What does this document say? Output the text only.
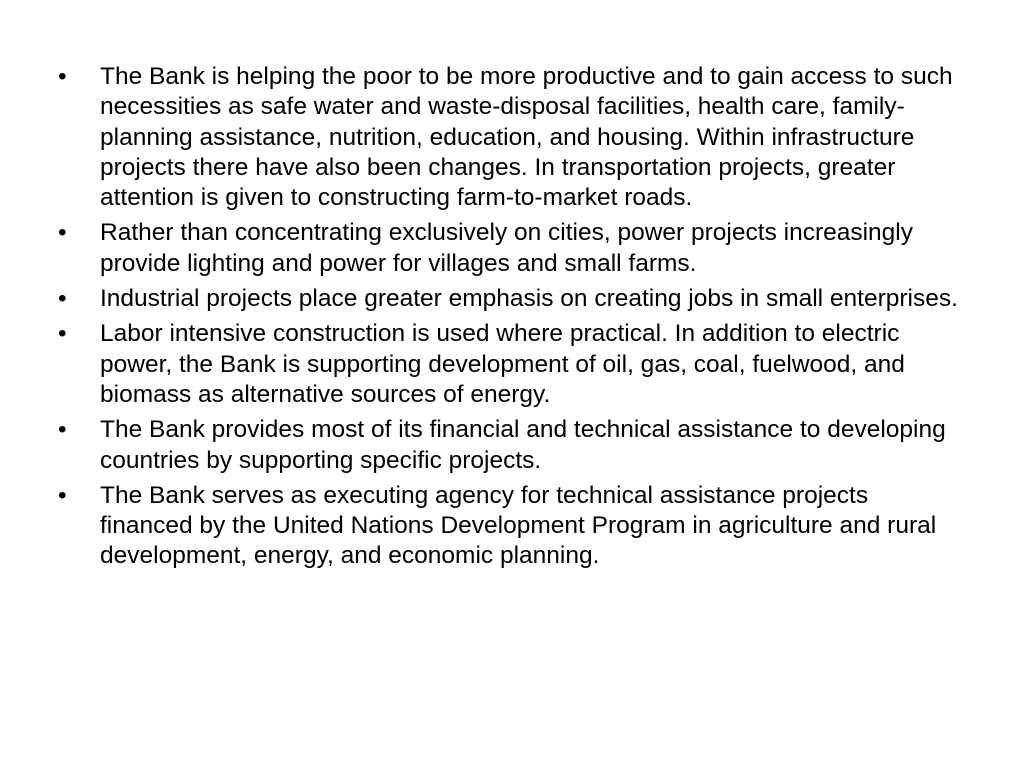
•	The Bank is helping the poor to be more productive and to gain access to such necessities as safe water and waste-disposal facilities, health care, family-planning assistance, nutrition, education, and housing. Within infrastructure projects there have also been changes. In transportation projects, greater attention is given to constructing farm-to-market roads.
•	Rather than concentrating exclusively on cities, power projects increasingly provide lighting and power for villages and small farms.
•	Industrial projects place greater emphasis on creating jobs in small enterprises.
•	Labor intensive construction is used where practical. In addition to electric power, the Bank is supporting development of oil, gas, coal, fuelwood, and biomass as alternative sources of energy.
•	The Bank provides most of its financial and technical assistance to developing countries by supporting specific projects.
•	The Bank serves as executing agency for technical assistance projects financed by the United Nations Development Program in agriculture and rural development, energy, and economic planning.
